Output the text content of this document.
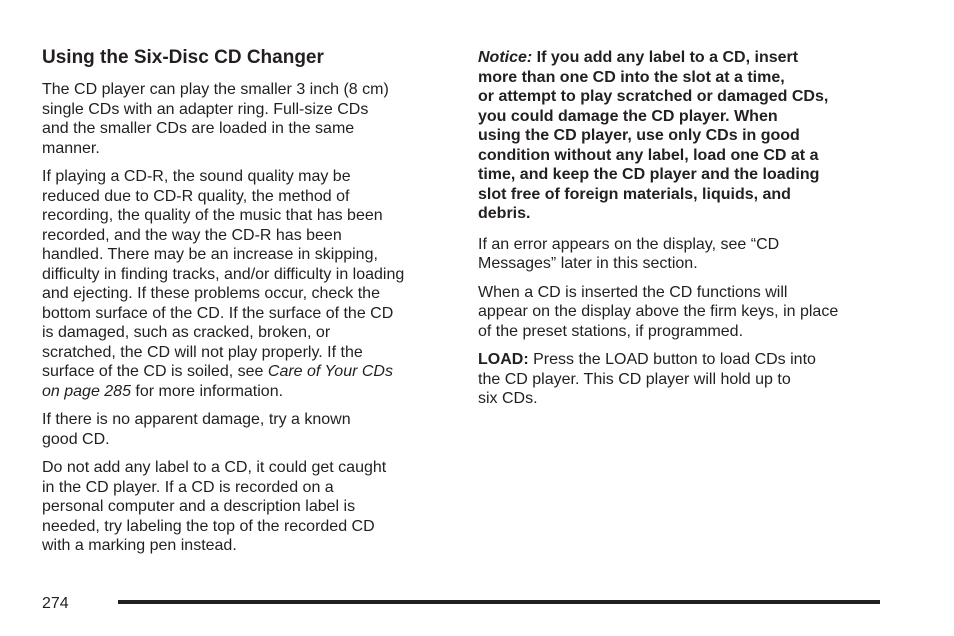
Using the Six-Disc CD Changer

The CD player can play the smaller 3 inch (8 cm)
single CDs with an adapter ring. Full-size CDs
and the smaller CDs are loaded in the same
manner.

If playing a CD-R, the sound quality may be
reduced due to CD-R quality, the method of
recording, the quality of the music that has been
recorded, and the way the CD-R has been
handled. There may be an increase in skipping,
difficulty in finding tracks, and/or difficulty in loading
and ejecting. If these problems occur, check the
bottom surface of the CD. If the surface of the CD
is damaged, such as cracked, broken, or
scratched, the CD will not play properly. If the
surface of the CD is soiled, see Care of Your CDs
on page 285 for more information.

If there is no apparent damage, try a known
good CD.

Do not add any label to a CD, it could get caught
in the CD player. If a CD is recorded on a
personal computer and a description label is
needed, try labeling the top of the recorded CD
with a marking pen instead.

Notice: If you add any label to a CD, insert
more than one CD into the slot at a time,
or attempt to play scratched or damaged CDs,
you could damage the CD player. When
using the CD player, use only CDs in good
condition without any label, load one CD at a
time, and keep the CD player and the loading
slot free of foreign materials, liquids, and
debris.

If an error appears on the display, see “CD
Messages” later in this section.

When a CD is inserted the CD functions will
appear on the display above the firm keys, in place
of the preset stations, if programmed.

LOAD: Press the LOAD button to load CDs into
the CD player. This CD player will hold up to
six CDs.

274
